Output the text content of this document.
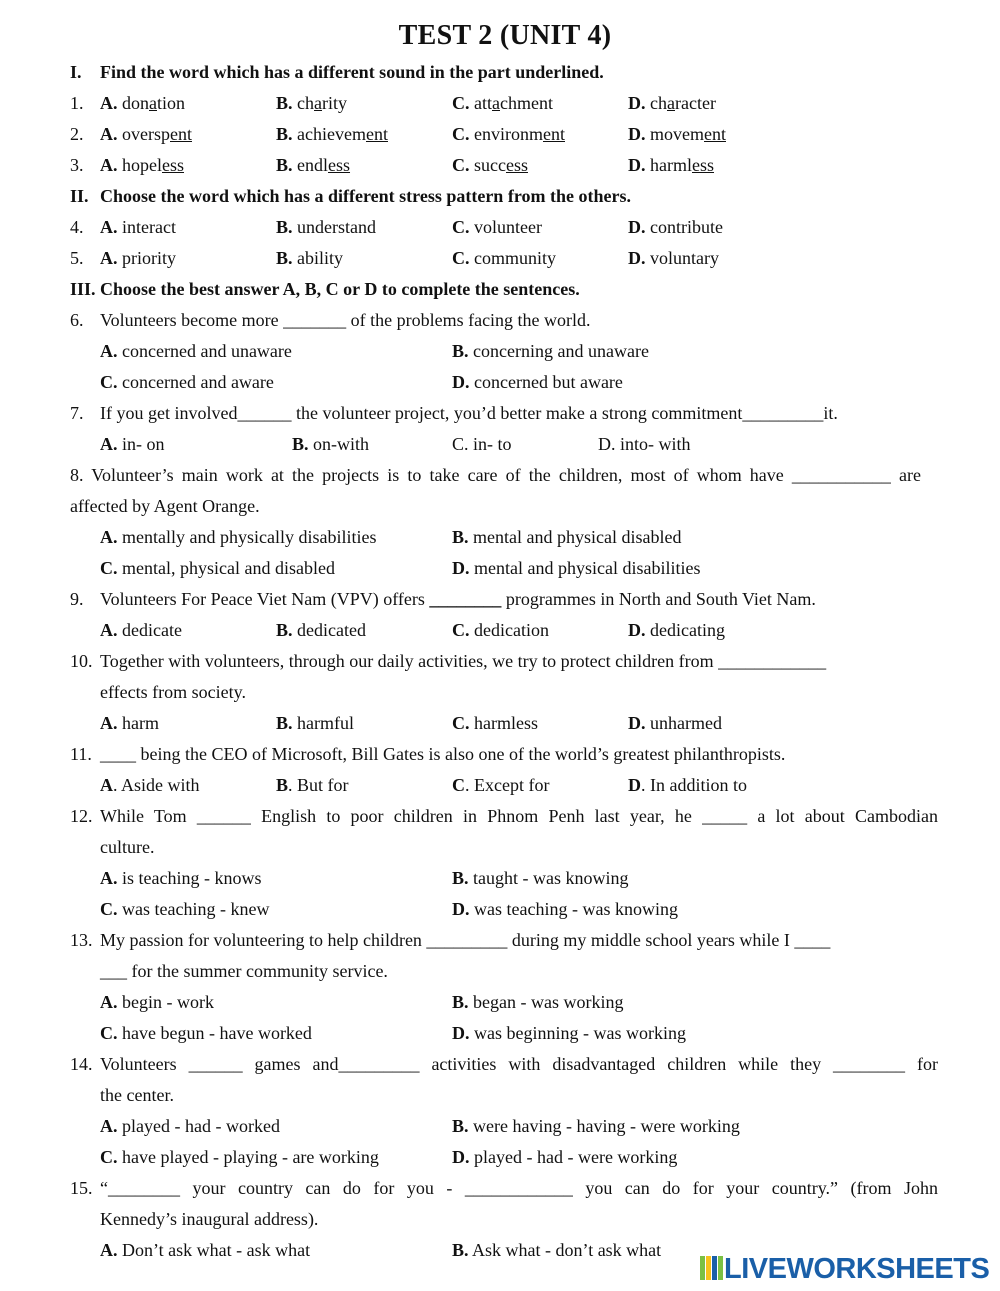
TEST 2 (UNIT 4)
I. Find the word which has a different sound in the part underlined.
1. A. donation	B. charity	C. attachment	D. character
2. A. overspent	B. achievement	C. environment	D. movement
3. A. hopeless	B. endless	C. success	D. harmless
II. Choose the word which has a different stress pattern from the others.
4. A. interact	B. understand	C. volunteer	D. contribute
5. A. priority	B. ability	C. community	D. voluntary
III. Choose the best answer A, B, C or D to complete the sentences.
6. Volunteers become more _______ of the problems facing the world.
A. concerned and unaware	B. concerning and unaware
C. concerned and aware	D. concerned but aware
7. If you get involved______ the volunteer project, you’d better make a strong commitment_________it.
A. in- on	B. on-with	C. in- to	D. into- with
8. Volunteer’s main work at the projects is to take care of the children, most of whom have ___________ are
affected by Agent Orange.
A. mentally and physically disabilities	B. mental and physical disabled
C. mental, physical and disabled	D. mental and physical disabilities
9. Volunteers For Peace Viet Nam (VPV) offers ________ programmes in North and South Viet Nam.
A. dedicate	B. dedicated	C. dedication	D. dedicating
10. Together with volunteers, through our daily activities, we try to protect children from ____________
effects from society.
A. harm	B. harmful	C. harmless	D. unharmed
11. ____ being the CEO of Microsoft, Bill Gates is also one of the world’s greatest philanthropists.
A. Aside with	B. But for	C. Except for	D. In addition to
12. While Tom ______ English to poor children in Phnom Penh last year, he _____ a lot about Cambodian
culture.
A. is teaching - knows	B. taught - was knowing
C. was teaching - knew	D. was teaching - was knowing
13. My passion for volunteering to help children _________ during my middle school years while I ____
___ for the summer community service.
A. begin - work	B. began - was working
C. have begun - have worked	D. was beginning - was working
14. Volunteers ______ games and_________ activities with disadvantaged children while they ________ for
the center.
A. played - had - worked	B. were having - having - were working
C. have played - playing - are working	D. played - had - were working
15. “________ your country can do for you - ____________ you can do for your country.” (from John
Kennedy’s inaugural address).
A. Don’t ask what - ask what	B. Ask what - don’t ask what
LIVEWORKSHEETS
